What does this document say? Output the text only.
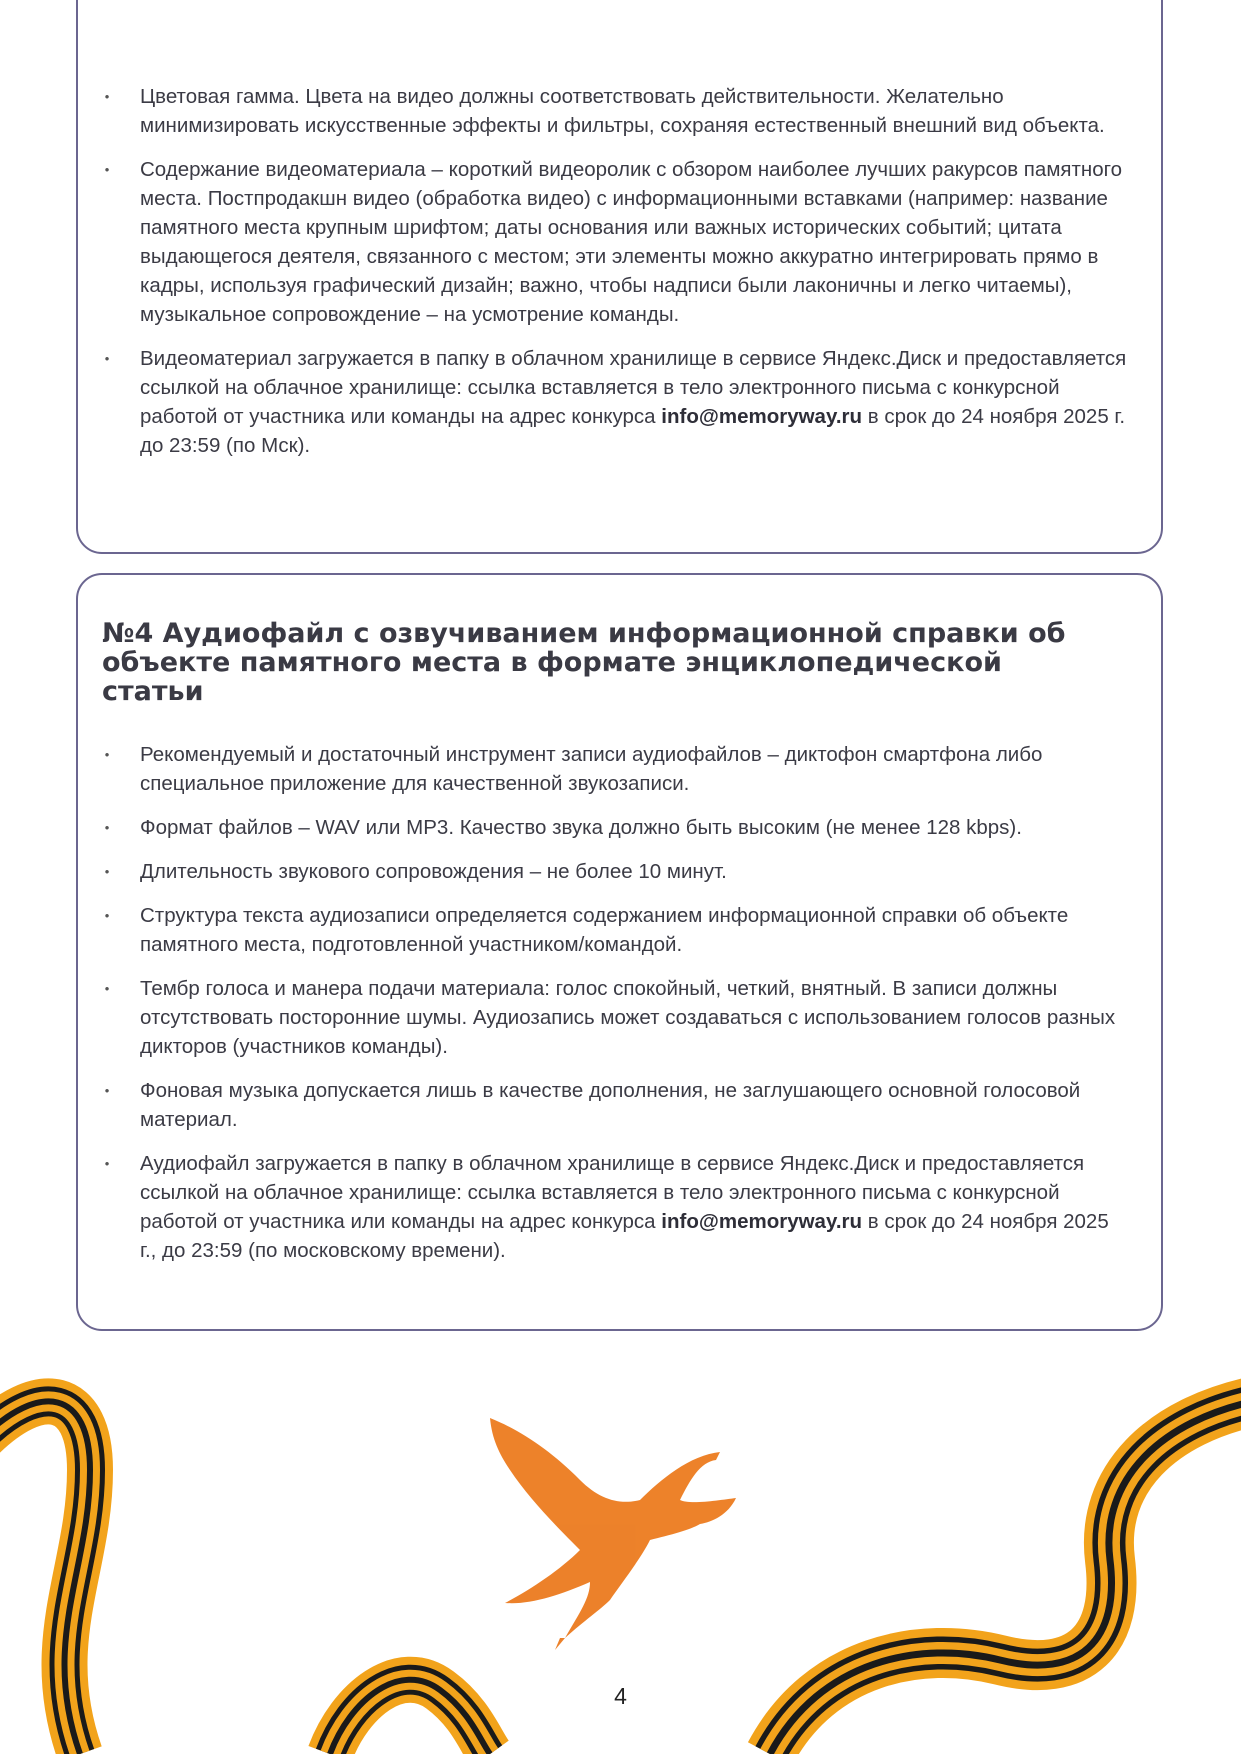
• Цветовая гамма. Цвета на видео должны соответствовать действительности. Желательно минимизировать искусственные эффекты и фильтры, сохраняя естественный внешний вид объекта.
• Содержание видеоматериала – короткий видеоролик с обзором наиболее лучших ракурсов памятного места. Постпродакшн видео (обработка видео) с информационными вставками (например: название памятного места крупным шрифтом; даты основания или важных исторических событий; цитата выдающегося деятеля, связанного с местом; эти элементы можно аккуратно интегрировать прямо в кадры, используя графический дизайн; важно, чтобы надписи были лаконичны и легко читаемы), музыкальное сопровождение – на усмотрение команды.
• Видеоматериал загружается в папку в облачном хранилище в сервисе Яндекс.Диск и предоставляется ссылкой на облачное хранилище: ссылка вставляется в тело электронного письма с конкурсной работой от участника или команды на адрес конкурса info@memoryway.ru в срок до 24 ноября 2025 г. до 23:59 (по Мск).
№4 Аудиофайл с озвучиванием информационной справки об объекте памятного места в формате энциклопедической статьи
• Рекомендуемый и достаточный инструмент записи аудиофайлов – диктофон смартфона либо специальное приложение для качественной звукозаписи.
• Формат файлов – WAV или MP3. Качество звука должно быть высоким (не менее 128 kbps).
• Длительность звукового сопровождения – не более 10 минут.
• Структура текста аудиозаписи определяется содержанием информационной справки об объекте памятного места, подготовленной участником/командой.
• Тембр голоса и манера подачи материала: голос спокойный, четкий, внятный. В записи должны отсутствовать посторонние шумы. Аудиозапись может создаваться с использованием голосов разных дикторов (участников команды).
• Фоновая музыка допускается лишь в качестве дополнения, не заглушающего основной голосовой материал.
• Аудиофайл загружается в папку в облачном хранилище в сервисе Яндекс.Диск и предоставляется ссылкой на облачное хранилище: ссылка вставляется в тело электронного письма с конкурсной работой от участника или команды на адрес конкурса info@memoryway.ru в срок до 24 ноября 2025 г., до 23:59 (по московскому времени).
4
